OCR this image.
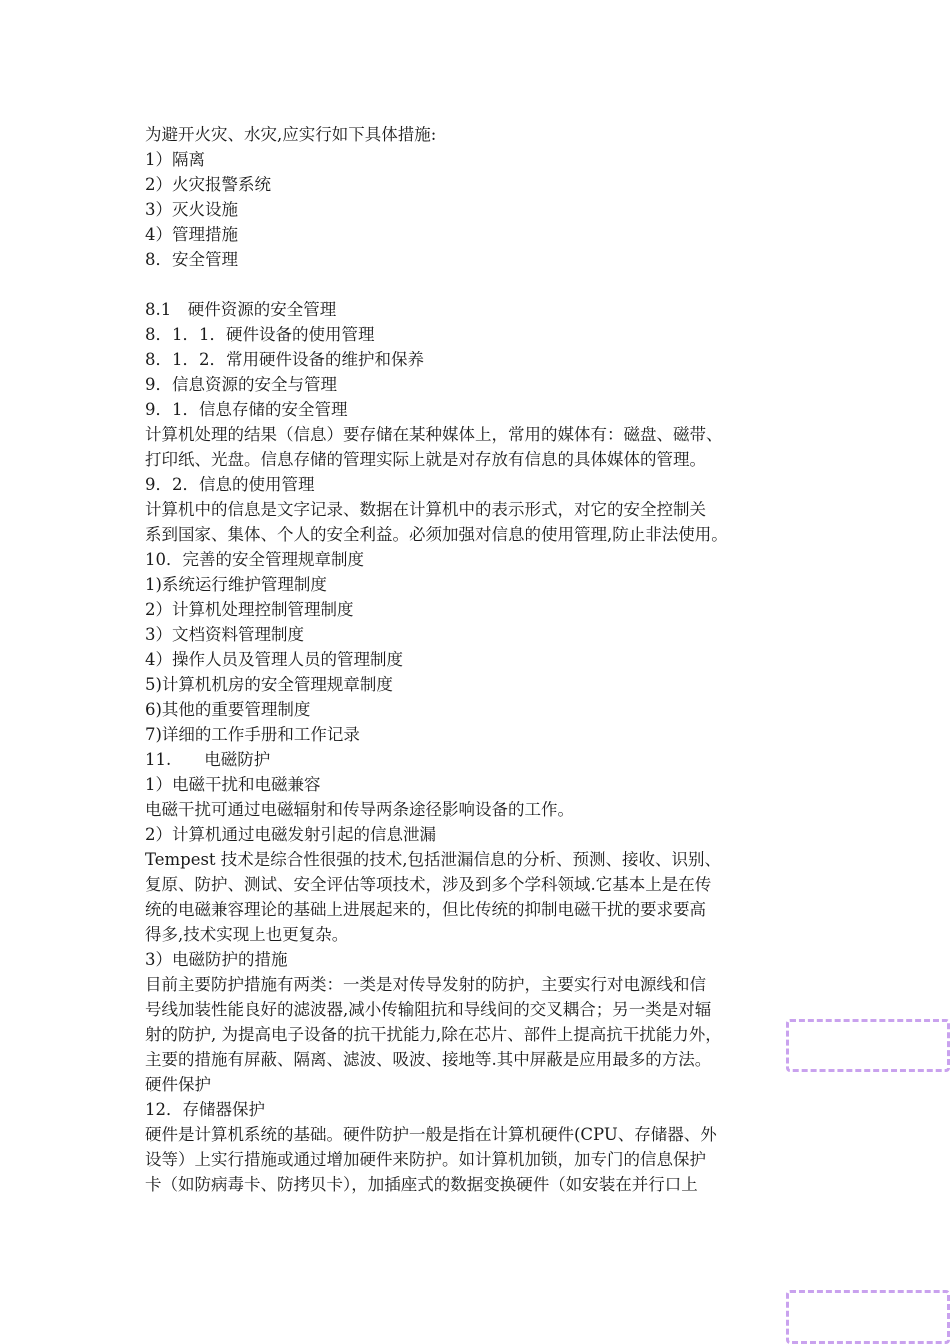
为避开火灾、水灾,应实行如下具体措施:
1）隔离
2）火灾报警系统
3）灭火设施
4）管理措施
8．安全管理
8.1　硬件资源的安全管理
8．1．1．硬件设备的使用管理
8．1．2．常用硬件设备的维护和保养
9．信息资源的安全与管理
9．1．信息存储的安全管理
计算机处理的结果（信息）要存储在某种媒体上，常用的媒体有：磁盘、磁带、
打印纸、光盘。信息存储的管理实际上就是对存放有信息的具体媒体的管理。
9．2．信息的使用管理
计算机中的信息是文字记录、数据在计算机中的表示形式，对它的安全控制关
系到国家、集体、个人的安全利益。必须加强对信息的使用管理,防止非法使用。
10．完善的安全管理规章制度
1)系统运行维护管理制度
2）计算机处理控制管理制度
3）文档资料管理制度
4）操作人员及管理人员的管理制度
5)计算机机房的安全管理规章制度
6)其他的重要管理制度
7)详细的工作手册和工作记录
11.　　电磁防护
1）电磁干扰和电磁兼容
电磁干扰可通过电磁辐射和传导两条途径影响设备的工作。
2）计算机通过电磁发射引起的信息泄漏
Tempest 技术是综合性很强的技术,包括泄漏信息的分析、预测、接收、识别、
复原、防护、测试、安全评估等项技术，涉及到多个学科领域.它基本上是在传
统的电磁兼容理论的基础上进展起来的，但比传统的抑制电磁干扰的要求要高
得多,技术实现上也更复杂。
3）电磁防护的措施
目前主要防护措施有两类：一类是对传导发射的防护，主要实行对电源线和信
号线加装性能良好的滤波器,减小传输阻抗和导线间的交叉耦合；另一类是对辐
射的防护, 为提高电子设备的抗干扰能力,除在芯片、部件上提高抗干扰能力外，
主要的措施有屏蔽、隔离、滤波、吸波、接地等.其中屏蔽是应用最多的方法。
硬件保护
12．存储器保护
硬件是计算机系统的基础。硬件防护一般是指在计算机硬件(CPU、存储器、外
设等）上实行措施或通过增加硬件来防护。如计算机加锁，加专门的信息保护
卡（如防病毒卡、防拷贝卡），加插座式的数据变换硬件（如安装在并行口上
